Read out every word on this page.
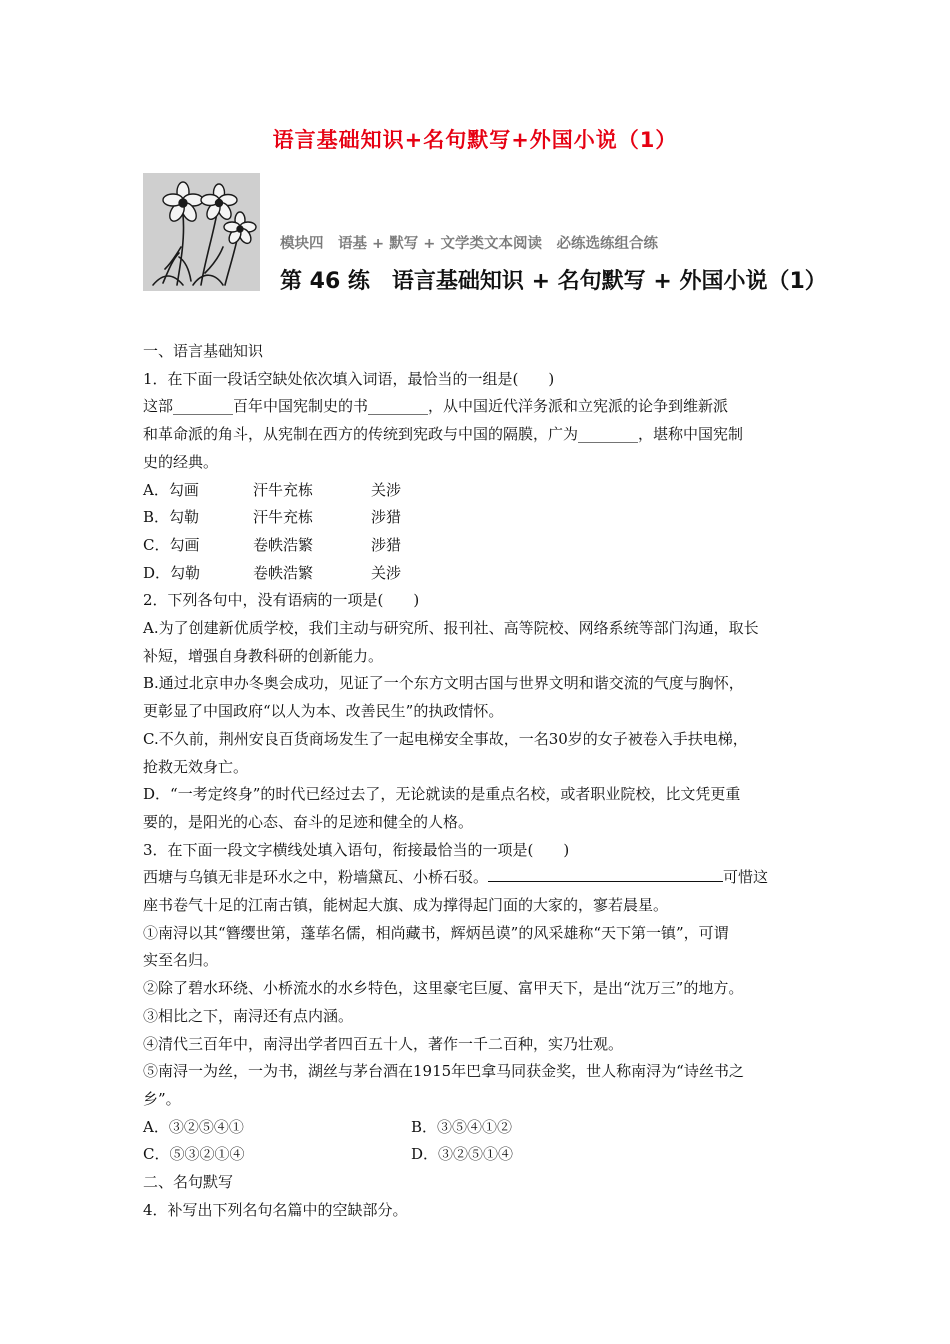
语言基础知识+名句默写+外国小说（1）
模块四　语基 + 默写 + 文学类文本阅读　必练选练组合练
第 46 练　语言基础知识 + 名句默写 + 外国小说（1）

一、语言基础知识

1．在下面一段话空缺处依次填入词语，最恰当的一组是(　　)

这部________百年中国宪制史的书________，从中国近代洋务派和立宪派的论争到维新派

和革命派的角斗，从宪制在西方的传统到宪政与中国的隔膜，广为________，堪称中国宪制

史的经典。

A．勾画	汗牛充栋	关涉
B．勾勒	汗牛充栋	涉猎
C．勾画	卷帙浩繁	涉猎
D．勾勒	卷帙浩繁	关涉

2．下列各句中，没有语病的一项是(　　)

A.为了创建新优质学校，我们主动与研究所、报刊社、高等院校、网络系统等部门沟通，取长

补短，增强自身教科研的创新能力。

B.通过北京申办冬奥会成功，见证了一个东方文明古国与世界文明和谐交流的气度与胸怀，

更彰显了中国政府“以人为本、改善民生”的执政情怀。

C.不久前，荆州安良百货商场发生了一起电梯安全事故，一名30岁的女子被卷入手扶电梯，

抢救无效身亡。

D．“一考定终身”的时代已经过去了，无论就读的是重点名校，或者职业院校，比文凭更重

要的，是阳光的心态、奋斗的足迹和健全的人格。

3．在下面一段文字横线处填入语句，衔接最恰当的一项是(　　)

西塘与乌镇无非是环水之中，粉墙黛瓦、小桥石驳。	可惜这

座书卷气十足的江南古镇，能树起大旗、成为撑得起门面的大家的，寥若晨星。

①南浔以其“簪缨世第，蓬荜名儒，相尚藏书，辉炳邑谟”的风采雄称“天下第一镇”，可谓

实至名归。

②除了碧水环绕、小桥流水的水乡特色，这里豪宅巨厦、富甲天下，是出“沈万三”的地方。

③相比之下，南浔还有点内涵。

④清代三百年中，南浔出学者四百五十人，著作一千二百种，实乃壮观。

⑤南浔一为丝，一为书，湖丝与茅台酒在1915年巴拿马同获金奖，世人称南浔为“诗丝书之

乡”。

A．③②⑤④①	B．③⑤④①②
C．⑤③②①④	D．③②⑤①④

二、名句默写

4．补写出下列名句名篇中的空缺部分。
